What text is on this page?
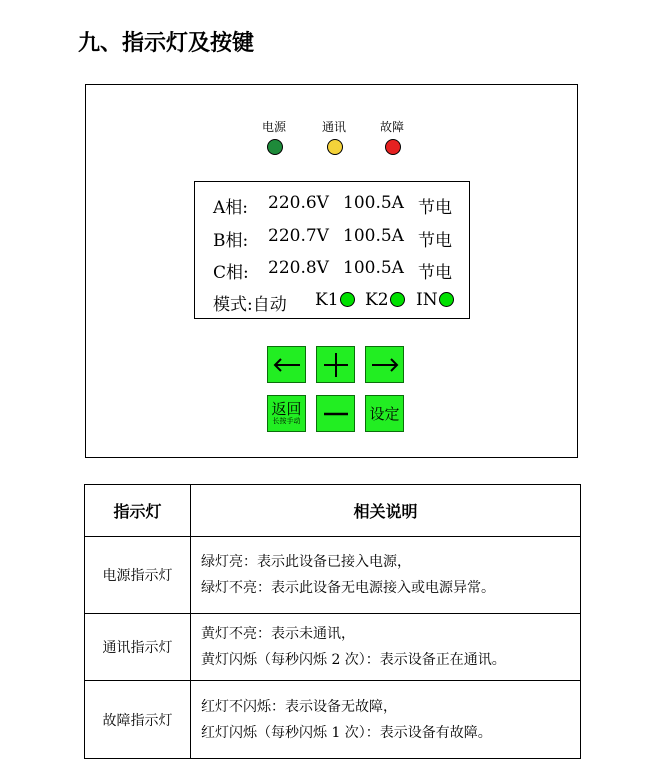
九、指示灯及按键
电源	通讯	故障
A相: 220.6V 100.5A 节电
B相: 220.7V 100.5A 节电
C相: 220.8V 100.5A 节电
模式:自动 K1	K2	IN
返回
长按手动	设定
指示灯	相关说明
电源指示灯	绿灯亮：表示此设备已接入电源，
绿灯不亮：表示此设备无电源接入或电源异常。

通讯指示灯	黄灯不亮：表示未通讯，
黄灯闪烁（每秒闪烁 2 次）：表示设备正在通讯。

故障指示灯	红灯不闪烁：表示设备无故障，
红灯闪烁（每秒闪烁 1 次）：表示设备有故障。
